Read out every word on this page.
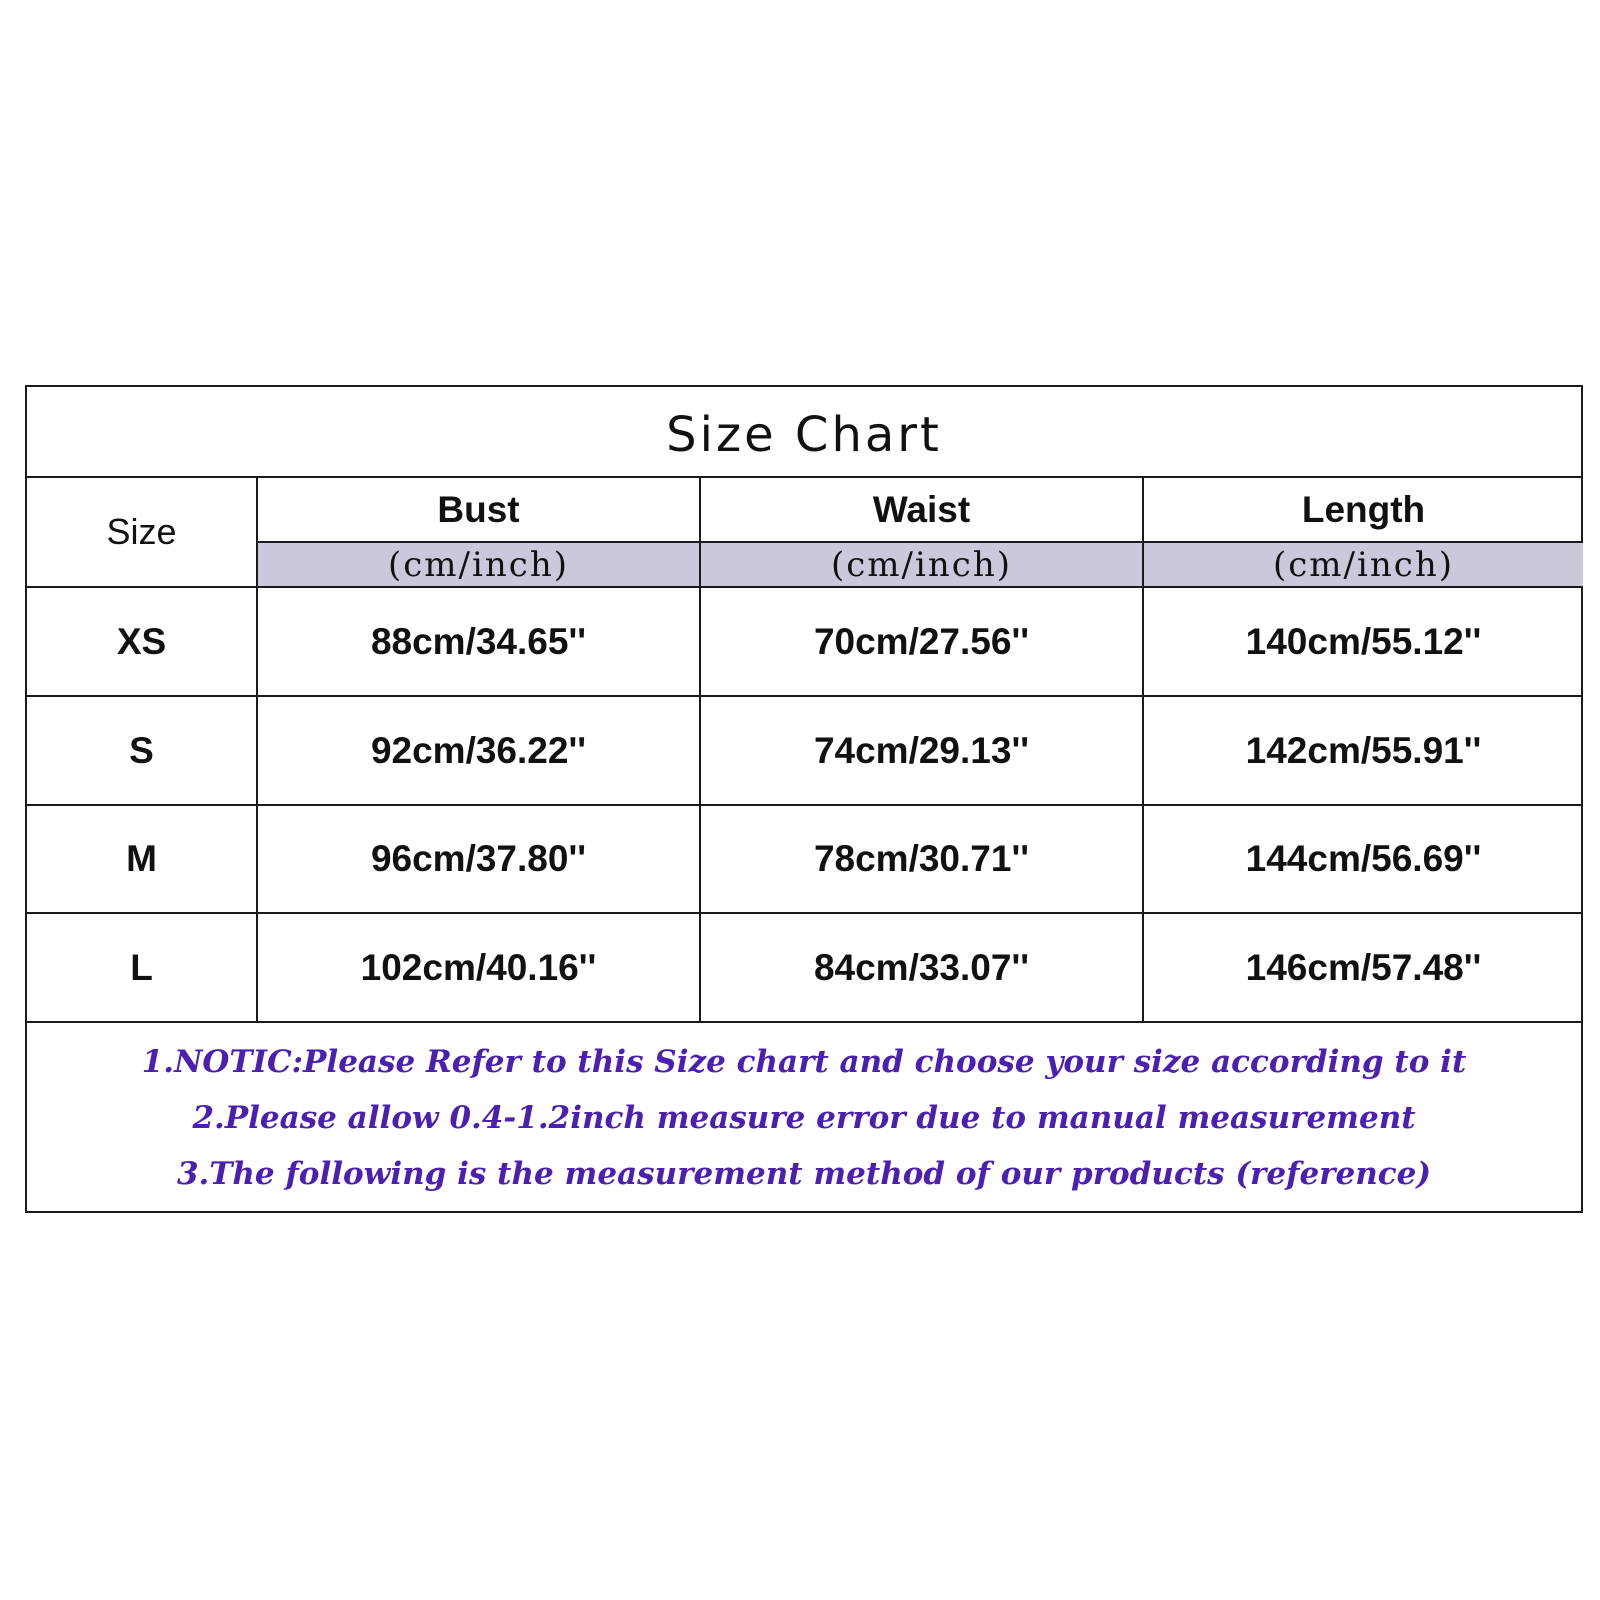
Size Chart
Size
Bust	Waist	Length
(cm/inch)	(cm/inch)	(cm/inch)
XS	88cm/34.65''	70cm/27.56''	140cm/55.12''
S	92cm/36.22''	74cm/29.13''	142cm/55.91''
M	96cm/37.80''	78cm/30.71''	144cm/56.69''
L	102cm/40.16''	84cm/33.07''	146cm/57.48''
1.NOTIC:Please Refer to this Size chart and choose your size according to it
2.Please allow 0.4-1.2inch measure error due to manual measurement
3.The following is the measurement method of our products (reference)
